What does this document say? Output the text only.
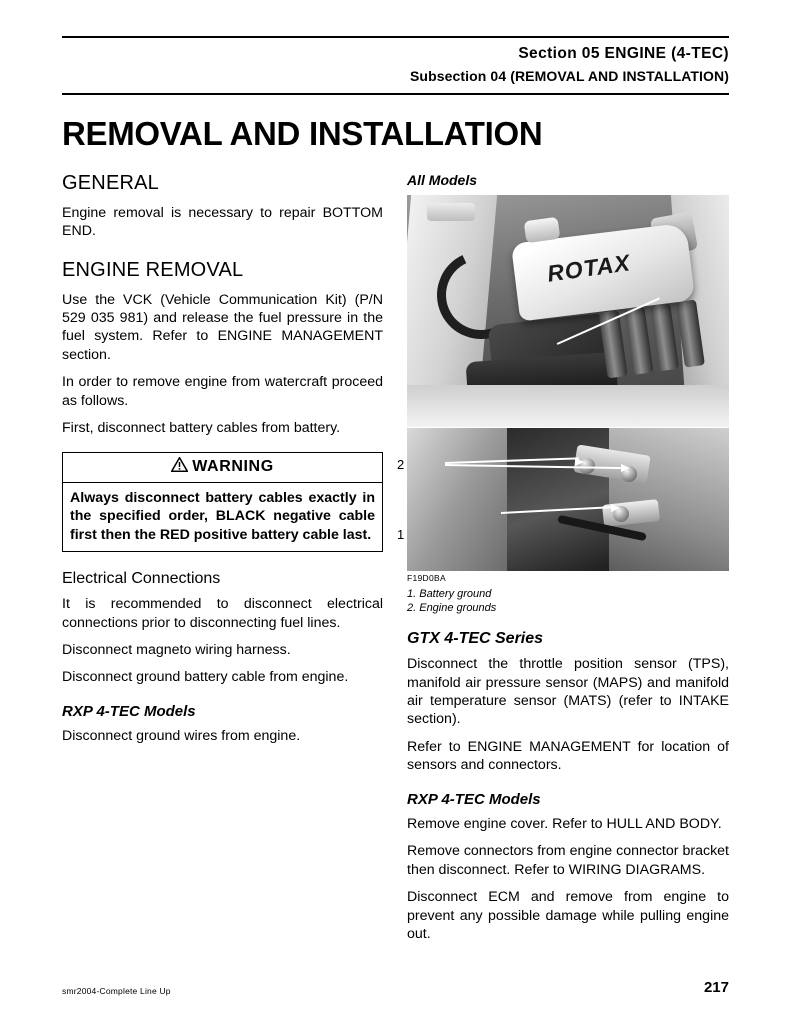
Section 05 ENGINE (4-TEC)
Subsection 04 (REMOVAL AND INSTALLATION)
REMOVAL AND INSTALLATION
GENERAL

Engine removal is necessary to repair BOTTOM END.

ENGINE REMOVAL

Use the VCK (Vehicle Communication Kit) (P/N 529 035 981) and release the fuel pressure in the fuel system. Refer to ENGINE MANAGEMENT section.

In order to remove engine from watercraft proceed as follows.

First, disconnect battery cables from battery.

WARNING
Always disconnect battery cables exactly in the specified order, BLACK negative cable first then the RED positive battery cable last.
Electrical Connections

It is recommended to disconnect electrical connections prior to disconnecting fuel lines.

Disconnect magneto wiring harness.

Disconnect ground battery cable from engine.

RXP 4-TEC Models

Disconnect ground wires from engine.

All Models
ROTAX
2
1
F19D0BA
1. Battery ground
2. Engine grounds
GTX 4-TEC Series

Disconnect the throttle position sensor (TPS), manifold air pressure sensor (MAPS) and manifold air temperature sensor (MATS) (refer to INTAKE section).

Refer to ENGINE MANAGEMENT for location of sensors and connectors.

RXP 4-TEC Models

Remove engine cover. Refer to HULL AND BODY.

Remove connectors from engine connector bracket then disconnect. Refer to WIRING DIAGRAMS.

Disconnect ECM and remove from engine to prevent any possible damage while pulling engine out.

smr2004-Complete Line Up	217
